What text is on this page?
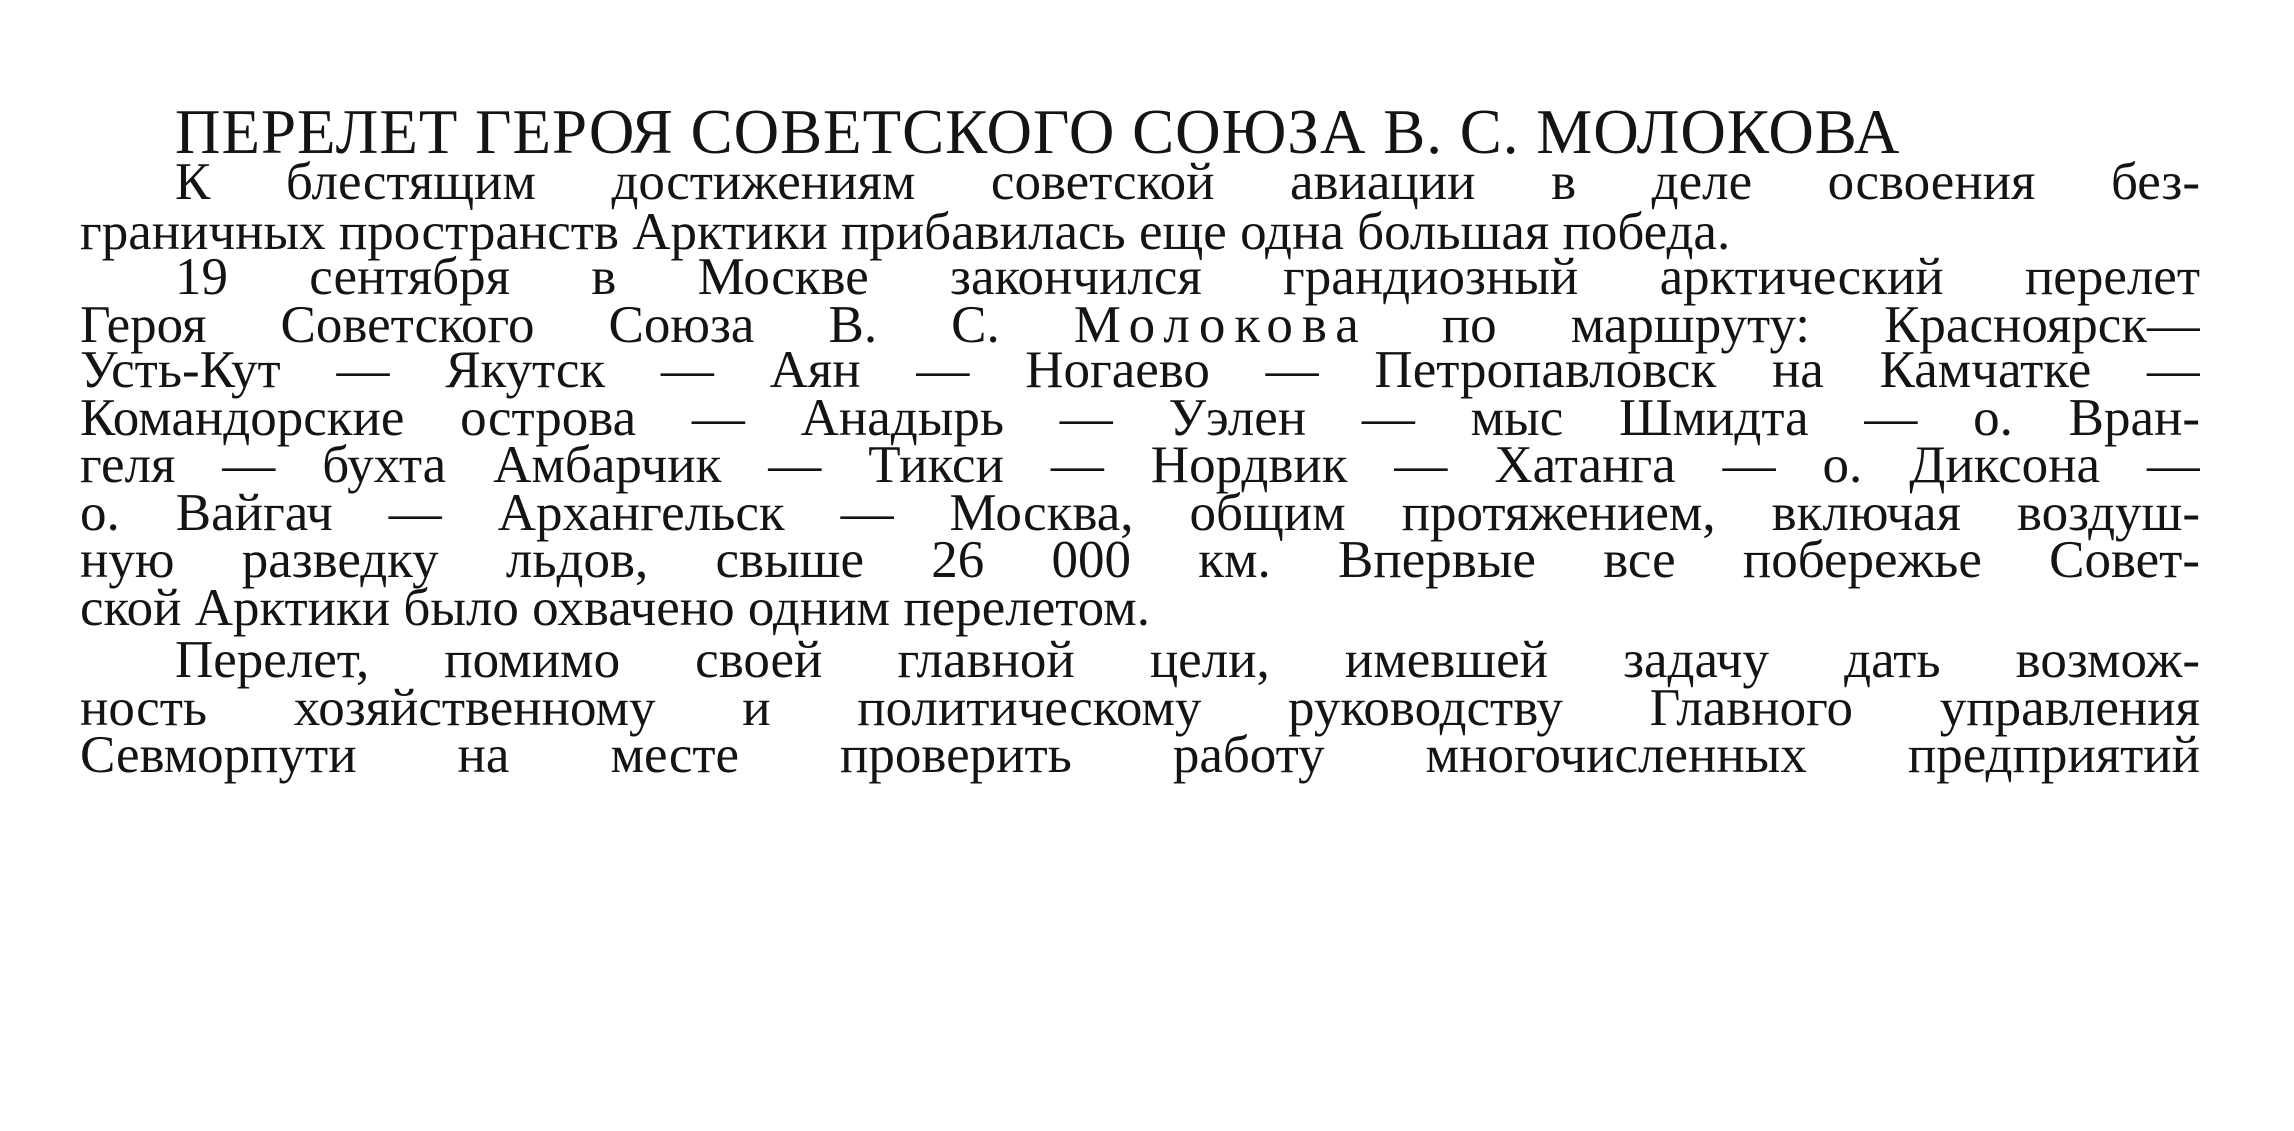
ПЕРЕЛЕТ ГЕРОЯ СОВЕТСКОГО СОЮЗА В. С. МОЛОКОВА
К блестящим достижениям советской авиации в деле освоения без-
граничных пространств Арктики прибавилась еще одна большая победа.
19 сентября в Москве закончился грандиозный арктический перелет
Героя Советского Союза В. С. Молокова по маршруту: Красноярск—
Усть-Кут — Якутск — Аян — Ногаево — Петропавловск на Камчатке —
Командорские острова — Анадырь — Уэлен — мыс Шмидта — о. Вран-
геля — бухта Амбарчик — Тикси — Нордвик — Хатанга — о. Диксона —
о. Вайгач — Архангельск — Москва, общим протяжением, включая воздуш-
ную разведку льдов, свыше 26 000 км. Впервые все побережье Совет-
ской Арктики было охвачено одним перелетом.
Перелет, помимо своей главной цели, имевшей задачу дать возмож-
ность хозяйственному и политическому руководству Главного управления
Севморпути на месте проверить работу многочисленных предприятий
